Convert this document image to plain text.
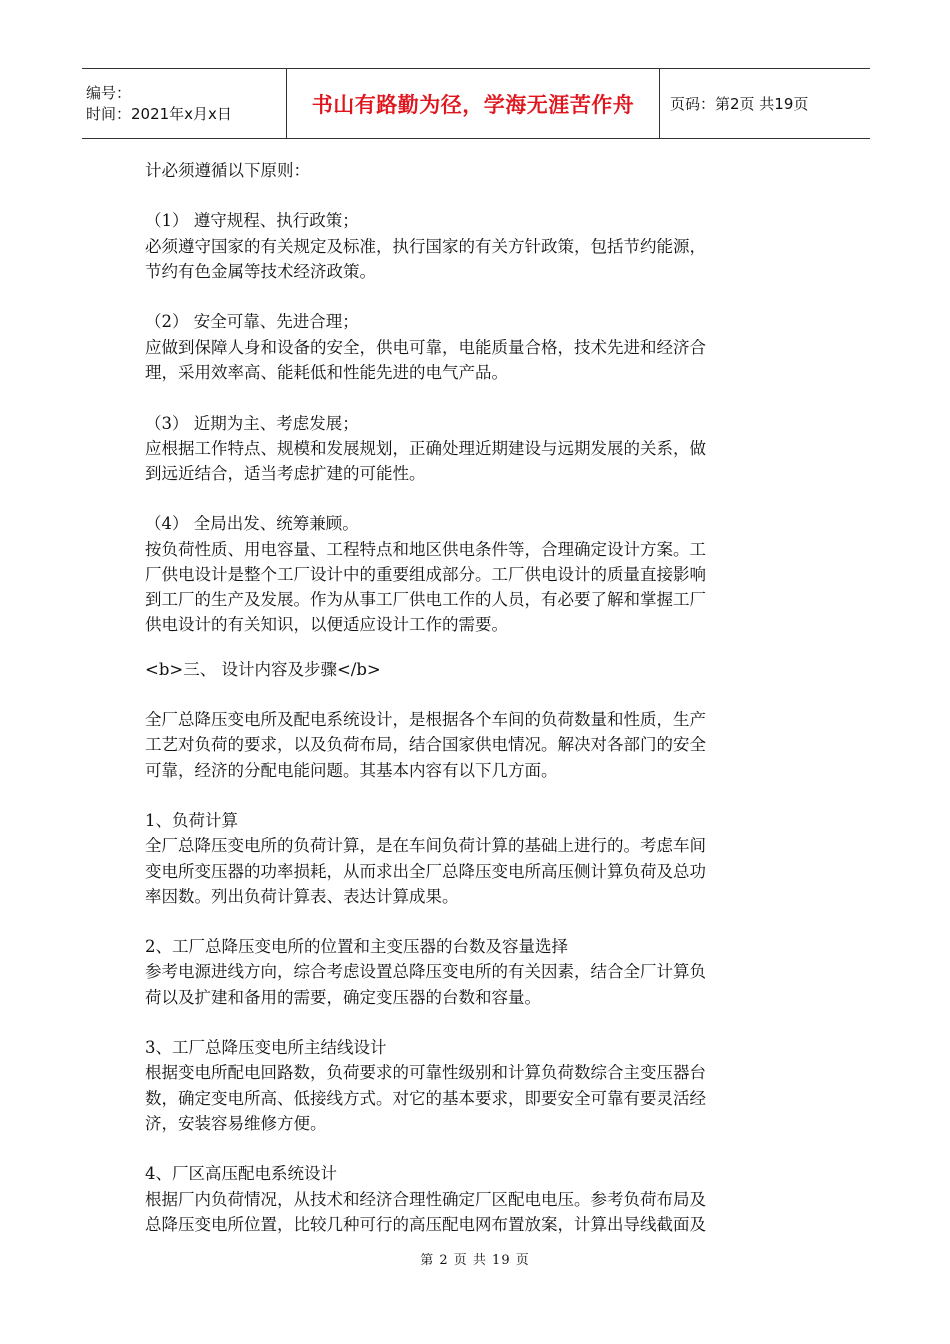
编号：
时间：2021年x月x日	书山有路勤为径，学海无涯苦作舟	页码：第2页 共19页

计必须遵循以下原则：

（1） 遵守规程、执行政策；

必须遵守国家的有关规定及标准，执行国家的有关方针政策，包括节约能源，

节约有色金属等技术经济政策。

（2） 安全可靠、先进合理；

应做到保障人身和设备的安全，供电可靠，电能质量合格，技术先进和经济合

理，采用效率高、能耗低和性能先进的电气产品。

（3） 近期为主、考虑发展；

应根据工作特点、规模和发展规划，正确处理近期建设与远期发展的关系，做

到远近结合，适当考虑扩建的可能性。

（4） 全局出发、统筹兼顾。

按负荷性质、用电容量、工程特点和地区供电条件等，合理确定设计方案。工

厂供电设计是整个工厂设计中的重要组成部分。工厂供电设计的质量直接影响

到工厂的生产及发展。作为从事工厂供电工作的人员，有必要了解和掌握工厂

供电设计的有关知识，以便适应设计工作的需要。

<b>三、 设计内容及步骤</b>

全厂总降压变电所及配电系统设计，是根据各个车间的负荷数量和性质，生产

工艺对负荷的要求，以及负荷布局，结合国家供电情况。解决对各部门的安全

可靠，经济的分配电能问题。其基本内容有以下几方面。

1、负荷计算

全厂总降压变电所的负荷计算，是在车间负荷计算的基础上进行的。考虑车间

变电所变压器的功率损耗，从而求出全厂总降压变电所高压侧计算负荷及总功

率因数。列出负荷计算表、表达计算成果。

2、工厂总降压变电所的位置和主变压器的台数及容量选择

参考电源进线方向，综合考虑设置总降压变电所的有关因素，结合全厂计算负

荷以及扩建和备用的需要，确定变压器的台数和容量。

3、工厂总降压变电所主结线设计

根据变电所配电回路数，负荷要求的可靠性级别和计算负荷数综合主变压器台

数，确定变电所高、低接线方式。对它的基本要求，即要安全可靠有要灵活经

济，安装容易维修方便。

4、厂区高压配电系统设计

根据厂内负荷情况，从技术和经济合理性确定厂区配电电压。参考负荷布局及

总降压变电所位置，比较几种可行的高压配电网布置放案，计算出导线截面及

第 2 页 共 19 页
